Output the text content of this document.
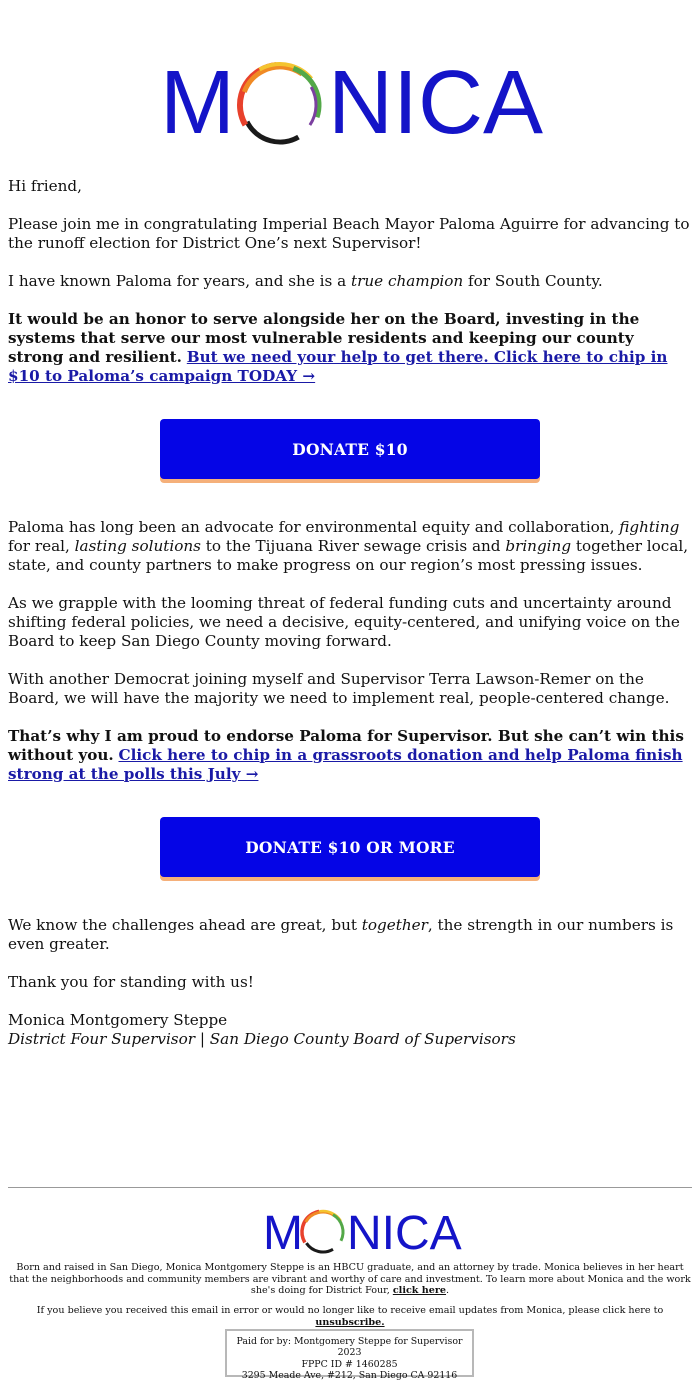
M NICA

Hi friend,

Please join me in congratulating Imperial Beach Mayor Paloma Aguirre for advancing to the runoff election for District One’s next Supervisor!

I have known Paloma for years, and she is a true champion for South County.

It would be an honor to serve alongside her on the Board, investing in the systems that serve our most vulnerable residents and keeping our county strong and resilient. But we need your help to get there. Click here to chip in $10 to Paloma’s campaign TODAY →

DONATE $10

Paloma has long been an advocate for environmental equity and collaboration, fighting for real, lasting solutions to the Tijuana River sewage crisis and bringing together local, state, and county partners to make progress on our region’s most pressing issues.

As we grapple with the looming threat of federal funding cuts and uncertainty around shifting federal policies, we need a decisive, equity-centered, and unifying voice on the Board to keep San Diego County moving forward.

With another Democrat joining myself and Supervisor Terra Lawson-Remer on the Board, we will have the majority we need to implement real, people-centered change.

That’s why I am proud to endorse Paloma for Supervisor. But she can’t win this without you. Click here to chip in a grassroots donation and help Paloma finish strong at the polls this July →

DONATE $10 OR MORE

We know the challenges ahead are great, but together, the strength in our numbers is even greater.

Thank you for standing with us!

Monica Montgomery Steppe

District Four Supervisor | San Diego County Board of Supervisors

M NICA
Born and raised in San Diego, Monica Montgomery Steppe is an HBCU graduate, and an attorney by trade. Monica believes in her heart that the neighborhoods and community members are vibrant and worthy of care and investment. To learn more about Monica and the work she's doing for District Four, click here.
If you believe you received this email in error or would no longer like to receive email updates from Monica, please click here to unsubscribe.
Paid for by: Montgomery Steppe for Supervisor 2023
FPPC ID # 1460285
3295 Meade Ave, #212, San Diego CA 92116
